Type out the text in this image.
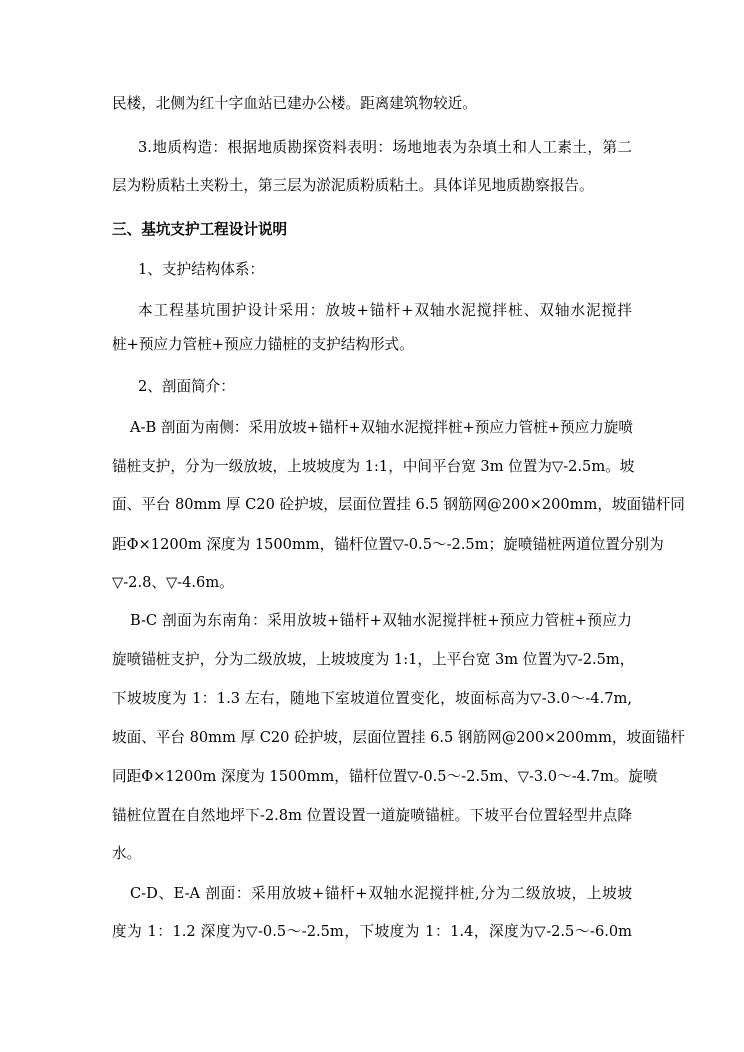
民楼，北侧为红十字血站已建办公楼。距离建筑物较近。
3.地质构造：根据地质勘探资料表明：场地地表为杂填土和人工素土，第二
层为粉质粘土夹粉土，第三层为淤泥质粉质粘土。具体详见地质勘察报告。
三、基坑支护工程设计说明
1、支护结构体系：
本工程基坑围护设计采用：放坡+锚杆+双轴水泥搅拌桩、双轴水泥搅拌
桩+预应力管桩+预应力锚桩的支护结构形式。
2、剖面简介：
A-B 剖面为南侧：采用放坡+锚杆+双轴水泥搅拌桩+预应力管桩+预应力旋喷
锚桩支护，分为一级放坡，上坡坡度为 1:1，中间平台宽 3m 位置为▽-2.5m。坡
面、平台 80mm 厚 C20 砼护坡，层面位置挂 6.5 钢筋网@200×200mm，坡面锚杆同
距Φ×1200m 深度为 1500mm，锚杆位置▽-0.5～-2.5m；旋喷锚桩两道位置分别为
▽-2.8、▽-4.6m。
B-C 剖面为东南角：采用放坡+锚杆+双轴水泥搅拌桩+预应力管桩+预应力
旋喷锚桩支护，分为二级放坡，上坡坡度为 1:1，上平台宽 3m 位置为▽-2.5m，
下坡坡度为 1：1.3 左右，随地下室坡道位置变化，坡面标高为▽-3.0～-4.7m,
坡面、平台 80mm 厚 C20 砼护坡，层面位置挂 6.5 钢筋网@200×200mm，坡面锚杆
同距Φ×1200m 深度为 1500mm，锚杆位置▽-0.5～-2.5m、▽-3.0～-4.7m。旋喷
锚桩位置在自然地坪下-2.8m 位置设置一道旋喷锚桩。下坡平台位置轻型井点降
水。
C-D、E-A 剖面：采用放坡+锚杆+双轴水泥搅拌桩,分为二级放坡，上坡坡
度为 1：1.2 深度为▽-0.5～-2.5m，下坡度为 1：1.4，深度为▽-2.5～-6.0m
